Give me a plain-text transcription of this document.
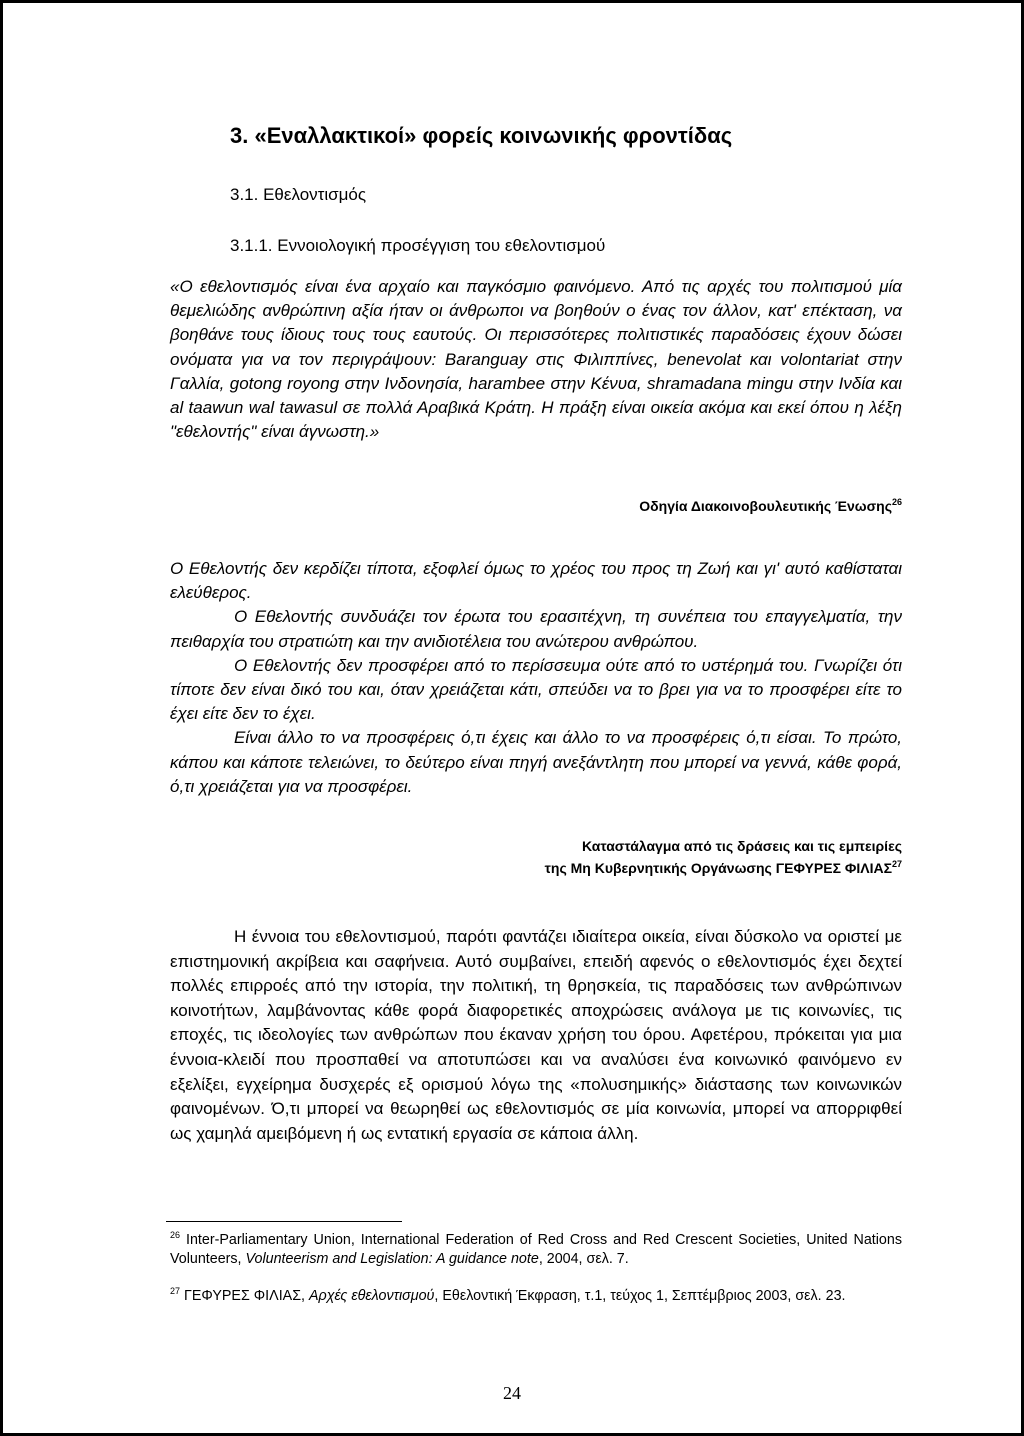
3. «Εναλλακτικοί» φορείς κοινωνικής φροντίδας
3.1. Εθελοντισμός
3.1.1. Εννοιολογική προσέγγιση του εθελοντισμού
«Ο εθελοντισμός είναι ένα αρχαίο και παγκόσμιο φαινόμενο. Από τις αρχές του πολιτισμού μία θεμελιώδης ανθρώπινη αξία ήταν οι άνθρωποι να βοηθούν ο ένας τον άλλον, κατ' επέκταση, να βοηθάνε τους ίδιους τους τους εαυτούς. Οι περισσότερες πολιτιστικές παραδόσεις έχουν δώσει ονόματα για να τον περιγράψουν: Baranguay στις Φιλιππίνες, benevolat και volontariat στην Γαλλία, gotong royong στην Ινδονησία, harambee στην Κένυα, shramadana mingu στην Ινδία και al taawun wal tawasul σε πολλά Αραβικά Κράτη. Η πράξη είναι οικεία ακόμα και εκεί όπου η λέξη "εθελοντής" είναι άγνωστη.»
Οδηγία Διακοινοβουλευτικής Ένωσης$^{26}$
Ο Εθελοντής δεν κερδίζει τίποτα, εξοφλεί όμως το χρέος του προς τη Ζωή και γι' αυτό καθίσταται ελεύθερος.
Ο Εθελοντής συνδυάζει τον έρωτα του ερασιτέχνη, τη συνέπεια του επαγγελματία, την πειθαρχία του στρατιώτη και την ανιδιοτέλεια του ανώτερου ανθρώπου.
Ο Εθελοντής δεν προσφέρει από το περίσσευμα ούτε από το υστέρημά του. Γνωρίζει ότι τίποτε δεν είναι δικό του και, όταν χρειάζεται κάτι, σπεύδει να το βρει για να το προσφέρει είτε το έχει είτε δεν το έχει.
Είναι άλλο το να προσφέρεις ό,τι έχεις και άλλο το να προσφέρεις ό,τι είσαι. Το πρώτο, κάπου και κάποτε τελειώνει, το δεύτερο είναι πηγή ανεξάντλητη που μπορεί να γεννά, κάθε φορά, ό,τι χρειάζεται για να προσφέρει.
Καταστάλαγμα από τις δράσεις και τις εμπειρίες
της Μη Κυβερνητικής Οργάνωσης ΓΕΦΥΡΕΣ ΦΙΛΙΑΣ$^{27}$
Η έννοια του εθελοντισμού, παρότι φαντάζει ιδιαίτερα οικεία, είναι δύσκολο να οριστεί με επιστημονική ακρίβεια και σαφήνεια. Αυτό συμβαίνει, επειδή αφενός ο εθελοντισμός έχει δεχτεί πολλές επιρροές από την ιστορία, την πολιτική, τη θρησκεία, τις παραδόσεις των ανθρώπινων κοινοτήτων, λαμβάνοντας κάθε φορά διαφορετικές αποχρώσεις ανάλογα με τις κοινωνίες, τις εποχές, τις ιδεολογίες των ανθρώπων που έκαναν χρήση του όρου. Αφετέρου, πρόκειται για μια έννοια-κλειδί που προσπαθεί να αποτυπώσει και να αναλύσει ένα κοινωνικό φαινόμενο εν εξελίξει, εγχείρημα δυσχερές εξ ορισμού λόγω της «πολυσημικής» διάστασης των κοινωνικών φαινομένων. Ό,τι μπορεί να θεωρηθεί ως εθελοντισμός σε μία κοινωνία, μπορεί να απορριφθεί ως χαμηλά αμειβόμενη ή ως εντατική εργασία σε κάποια άλλη.
$^{26}$ Inter-Parliamentary Union, International Federation of Red Cross and Red Crescent Societies, United Nations Volunteers, Volunteerism and Legislation: A guidance note, 2004, σελ. 7.
$^{27}$ ΓΕΦΥΡΕΣ ΦΙΛΙΑΣ, Αρχές εθελοντισμού, Εθελοντική Έκφραση, τ.1, τεύχος 1, Σεπτέμβριος 2003, σελ. 23.
24
